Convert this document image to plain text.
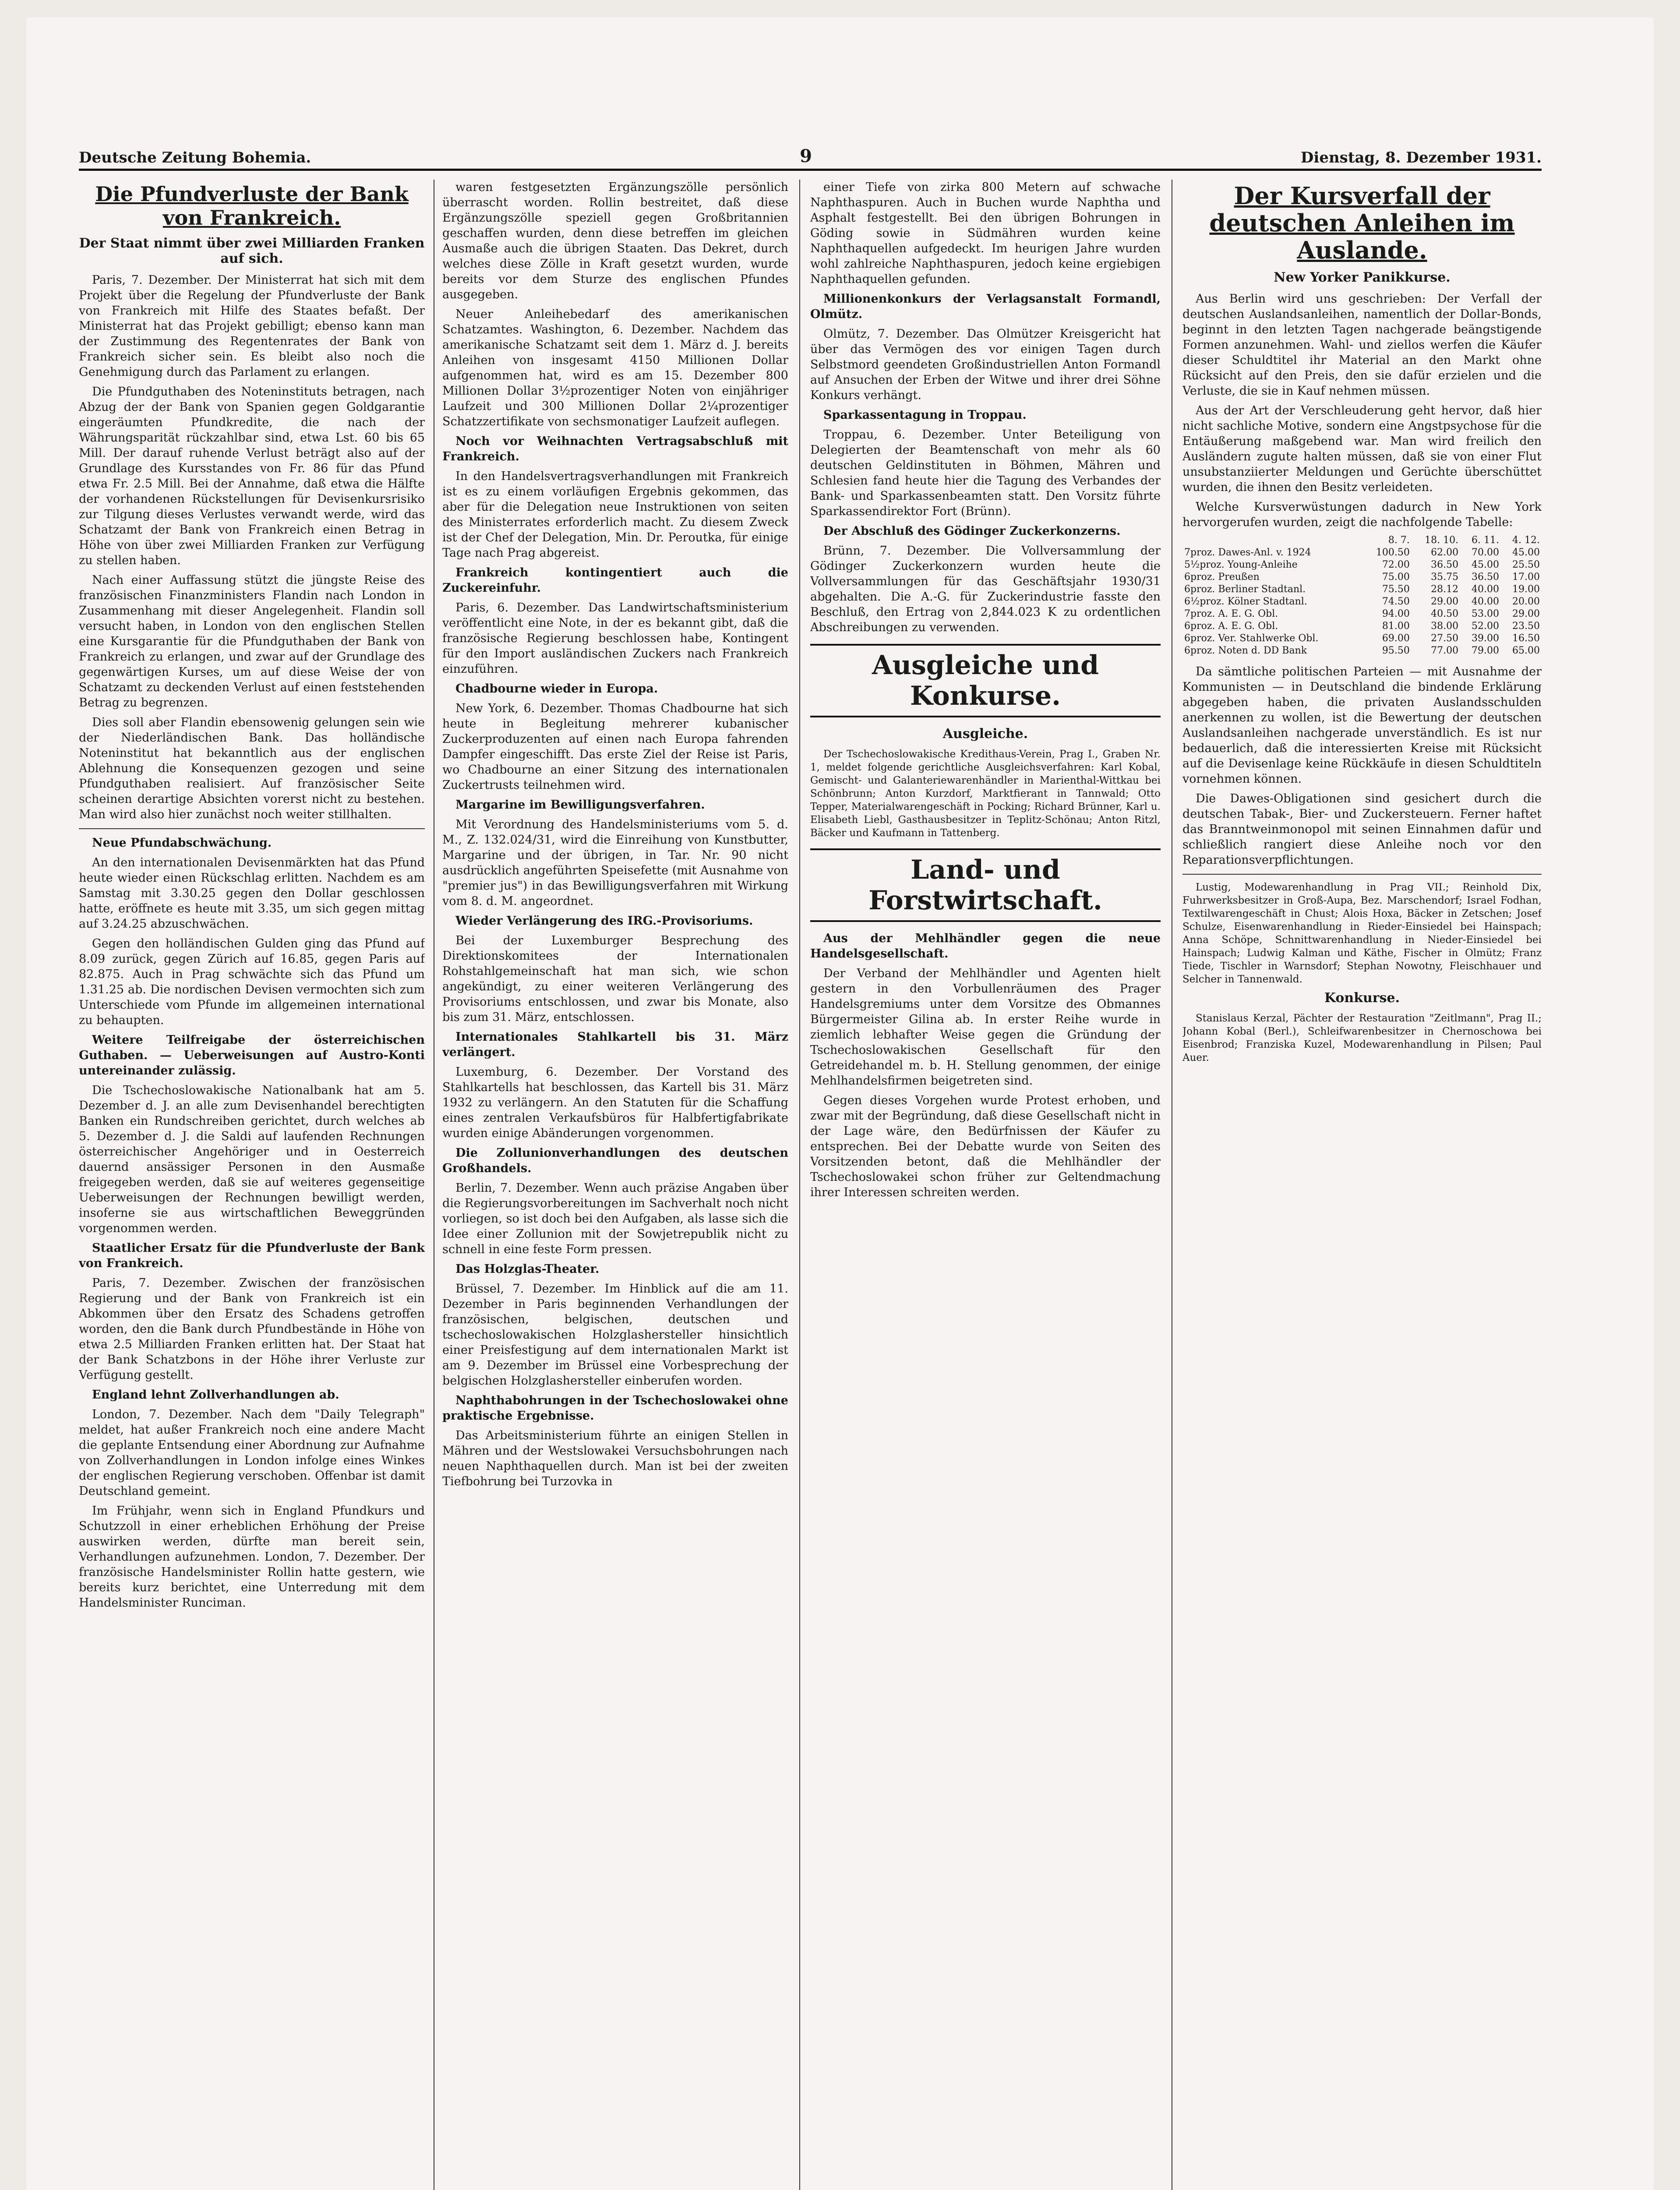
Deutsche Zeitung Bohemia.	9	Dienstag, 8. Dezember 1931.
Die Pfundverluste der Bank von Frankreich.
Der Staat nimmt über zwei Milliarden Franken auf sich.

Paris, 7. Dezember. Der Ministerrat hat sich mit dem Projekt über die Regelung der Pfundverluste der Bank von Frankreich mit Hilfe des Staates befaßt. Der Ministerrat hat das Projekt gebilligt; ebenso kann man der Zustimmung des Regentenrates der Bank von Frankreich sicher sein. Es bleibt also noch die Genehmigung durch das Parlament zu erlangen.

Die Pfundguthaben des Noteninstituts betragen, nach Abzug der der Bank von Spanien gegen Goldgarantie eingeräumten Pfundkredite, die nach der Währungsparität rückzahlbar sind, etwa Lst. 60 bis 65 Mill. Der darauf ruhende Verlust beträgt also auf der Grundlage des Kursstandes von Fr. 86 für das Pfund etwa Fr. 2.5 Mill. Bei der Annahme, daß etwa die Hälfte der vorhandenen Rückstellungen für Devisenkursrisiko zur Tilgung dieses Verlustes verwandt werde, wird das Schatzamt der Bank von Frankreich einen Betrag in Höhe von über zwei Milliarden Franken zur Verfügung zu stellen haben.

Nach einer Auffassung stützt die jüngste Reise des französischen Finanzministers Flandin nach London in Zusammenhang mit dieser Angelegenheit. Flandin soll versucht haben, in London von den englischen Stellen eine Kursgarantie für die Pfundguthaben der Bank von Frankreich zu erlangen, und zwar auf der Grundlage des gegenwärtigen Kurses, um auf diese Weise der von Schatzamt zu deckenden Verlust auf einen feststehenden Betrag zu begrenzen.

Dies soll aber Flandin ebensowenig gelungen sein wie der Niederländischen Bank. Das holländische Noteninstitut hat bekanntlich aus der englischen Ablehnung die Konsequenzen gezogen und seine Pfundguthaben realisiert. Auf französischer Seite scheinen derartige Absichten vorerst nicht zu bestehen. Man wird also hier zunächst noch weiter stillhalten.

Neue Pfundabschwächung.

An den internationalen Devisenmärkten hat das Pfund heute wieder einen Rückschlag erlitten. Nachdem es am Samstag mit 3.30.25 gegen den Dollar geschlossen hatte, eröffnete es heute mit 3.35, um sich gegen mittag auf 3.24.25 abzuschwächen.

Gegen den holländischen Gulden ging das Pfund auf 8.09 zurück, gegen Zürich auf 16.85, gegen Paris auf 82.875. Auch in Prag schwächte sich das Pfund um 1.31.25 ab. Die nordischen Devisen vermochten sich zum Unterschiede vom Pfunde im allgemeinen international zu behaupten.

Weitere Teilfreigabe der österreichischen Guthaben. — Ueberweisungen auf Austro-Konti untereinander zulässig.

Die Tschechoslowakische Nationalbank hat am 5. Dezember d. J. an alle zum Devisenhandel berechtigten Banken ein Rundschreiben gerichtet, durch welches ab 5. Dezember d. J. die Saldi auf laufenden Rechnungen österreichischer Angehöriger und in Oesterreich dauernd ansässiger Personen in den Ausmaße freigegeben werden, daß sie auf weiteres gegenseitige Ueberweisungen der Rechnungen bewilligt werden, insoferne sie aus wirtschaftlichen Beweggründen vorgenommen werden.

Staatlicher Ersatz für die Pfundverluste der Bank von Frankreich.

Paris, 7. Dezember. Zwischen der französischen Regierung und der Bank von Frankreich ist ein Abkommen über den Ersatz des Schadens getroffen worden, den die Bank durch Pfundbestände in Höhe von etwa 2.5 Milliarden Franken erlitten hat. Der Staat hat der Bank Schatzbons in der Höhe ihrer Verluste zur Verfügung gestellt.

England lehnt Zollverhandlungen ab.

London, 7. Dezember. Nach dem "Daily Telegraph" meldet, hat außer Frankreich noch eine andere Macht die geplante Entsendung einer Abordnung zur Aufnahme von Zollverhandlungen in London infolge eines Winkes der englischen Regierung verschoben. Offenbar ist damit Deutschland gemeint.

Im Frühjahr, wenn sich in England Pfundkurs und Schutzzoll in einer erheblichen Erhöhung der Preise auswirken werden, dürfte man bereit sein, Verhandlungen aufzunehmen. London, 7. Dezember. Der französische Handelsminister Rollin hatte gestern, wie bereits kurz berichtet, eine Unterredung mit dem Handelsminister Runciman.

waren festgesetzten Ergänzungszölle persönlich überrascht worden. Rollin bestreitet, daß diese Ergänzungszölle speziell gegen Großbritannien geschaffen wurden, denn diese betreffen im gleichen Ausmaße auch die übrigen Staaten. Das Dekret, durch welches diese Zölle in Kraft gesetzt wurden, wurde bereits vor dem Sturze des englischen Pfundes ausgegeben.

Neuer Anleihebedarf des amerikanischen Schatzamtes. Washington, 6. Dezember. Nachdem das amerikanische Schatzamt seit dem 1. März d. J. bereits Anleihen von insgesamt 4150 Millionen Dollar aufgenommen hat, wird es am 15. Dezember 800 Millionen Dollar 3½prozentiger Noten von einjähriger Laufzeit und 300 Millionen Dollar 2¼prozentiger Schatzzertifikate von sechsmonatiger Laufzeit auflegen.

Noch vor Weihnachten Vertragsabschluß mit Frankreich.

In den Handelsvertragsverhandlungen mit Frankreich ist es zu einem vorläufigen Ergebnis gekommen, das aber für die Delegation neue Instruktionen von seiten des Ministerrates erforderlich macht. Zu diesem Zweck ist der Chef der Delegation, Min. Dr. Peroutka, für einige Tage nach Prag abgereist.

Frankreich kontingentiert auch die Zuckereinfuhr.

Paris, 6. Dezember. Das Landwirtschaftsministerium veröffentlicht eine Note, in der es bekannt gibt, daß die französische Regierung beschlossen habe, Kontingent für den Import ausländischen Zuckers nach Frankreich einzuführen.

Chadbourne wieder in Europa.

New York, 6. Dezember. Thomas Chadbourne hat sich heute in Begleitung mehrerer kubanischer Zuckerproduzenten auf einen nach Europa fahrenden Dampfer eingeschifft. Das erste Ziel der Reise ist Paris, wo Chadbourne an einer Sitzung des internationalen Zuckertrusts teilnehmen wird.

Margarine im Bewilligungsverfahren.

Mit Verordnung des Handelsministeriums vom 5. d. M., Z. 132.024/31, wird die Einreihung von Kunstbutter, Margarine und der übrigen, in Tar. Nr. 90 nicht ausdrücklich angeführten Speisefette (mit Ausnahme von "premier jus") in das Bewilligungsverfahren mit Wirkung vom 8. d. M. angeordnet.

Wieder Verlängerung des IRG.-Provisoriums.

Bei der Luxemburger Besprechung des Direktionskomitees der Internationalen Rohstahlgemeinschaft hat man sich, wie schon angekündigt, zu einer weiteren Verlängerung des Provisoriums entschlossen, und zwar bis Monate, also bis zum 31. März, entschlossen.

Internationales Stahlkartell bis 31. März verlängert.

Luxemburg, 6. Dezember. Der Vorstand des Stahlkartells hat beschlossen, das Kartell bis 31. März 1932 zu verlängern. An den Statuten für die Schaffung eines zentralen Verkaufsbüros für Halbfertigfabrikate wurden einige Abänderungen vorgenommen.

Die Zollunionverhandlungen des deutschen Großhandels.

Berlin, 7. Dezember. Wenn auch präzise Angaben über die Regierungsvorbereitungen im Sachverhalt noch nicht vorliegen, so ist doch bei den Aufgaben, als lasse sich die Idee einer Zollunion mit der Sowjetrepublik nicht zu schnell in eine feste Form pressen.

Das Holzglas-Theater.

Brüssel, 7. Dezember. Im Hinblick auf die am 11. Dezember in Paris beginnenden Verhandlungen der französischen, belgischen, deutschen und tschechoslowakischen Holzglashersteller hinsichtlich einer Preisfestigung auf dem internationalen Markt ist am 9. Dezember im Brüssel eine Vorbesprechung der belgischen Holzglashersteller einberufen worden.

Naphthabohrungen in der Tschechoslowakei ohne praktische Ergebnisse.

Das Arbeitsministerium führte an einigen Stellen in Mähren und der Westslowakei Versuchsbohrungen nach neuen Naphthaquellen durch. Man ist bei der zweiten Tiefbohrung bei Turzovka in

einer Tiefe von zirka 800 Metern auf schwache Naphthaspuren. Auch in Buchen wurde Naphtha und Asphalt festgestellt. Bei den übrigen Bohrungen in Göding sowie in Südmähren wurden keine Naphthaquellen aufgedeckt. Im heurigen Jahre wurden wohl zahlreiche Naphthaspuren, jedoch keine ergiebigen Naphthaquellen gefunden.

Millionenkonkurs der Verlagsanstalt Formandl, Olmütz.

Olmütz, 7. Dezember. Das Olmützer Kreisgericht hat über das Vermögen des vor einigen Tagen durch Selbstmord geendeten Großindustriellen Anton Formandl auf Ansuchen der Erben der Witwe und ihrer drei Söhne Konkurs verhängt.

Sparkassentagung in Troppau.

Troppau, 6. Dezember. Unter Beteiligung von Delegierten der Beamtenschaft von mehr als 60 deutschen Geldinstituten in Böhmen, Mähren und Schlesien fand heute hier die Tagung des Verbandes der Bank- und Sparkassenbeamten statt. Den Vorsitz führte Sparkassendirektor Fort (Brünn).

Der Abschluß des Gödinger Zuckerkonzerns.

Brünn, 7. Dezember. Die Vollversammlung der Gödinger Zuckerkonzern wurden heute die Vollversammlungen für das Geschäftsjahr 1930/31 abgehalten. Die A.-G. für Zuckerindustrie fasste den Beschluß, den Ertrag von 2,844.023 K zu ordentlichen Abschreibungen zu verwenden.

Ausgleiche und Konkurse.
Ausgleiche.

Der Tschechoslowakische Kredithaus-Verein, Prag I., Graben Nr. 1, meldet folgende gerichtliche Ausgleichsverfahren: Karl Kobal, Gemischt- und Galanteriewarenhändler in Marienthal-Wittkau bei Schönbrunn; Anton Kurzdorf, Marktfierant in Tannwald; Otto Tepper, Materialwarengeschäft in Pocking; Richard Brünner, Karl u. Elisabeth Liebl, Gasthausbesitzer in Teplitz-Schönau; Anton Ritzl, Bäcker und Kaufmann in Tattenberg.

Land- und Forstwirtschaft.

Aus der Mehlhändler gegen die neue Handelsgesellschaft.

Der Verband der Mehlhändler und Agenten hielt gestern in den Vorbullenräumen des Prager Handelsgremiums unter dem Vorsitze des Obmannes Bürgermeister Gilina ab. In erster Reihe wurde in ziemlich lebhafter Weise gegen die Gründung der Tschechoslowakischen Gesellschaft für den Getreidehandel m. b. H. Stellung genommen, der einige Mehlhandelsfirmen beigetreten sind.

Gegen dieses Vorgehen wurde Protest erhoben, und zwar mit der Begründung, daß diese Gesellschaft nicht in der Lage wäre, den Bedürfnissen der Käufer zu entsprechen. Bei der Debatte wurde von Seiten des Vorsitzenden betont, daß die Mehlhändler der Tschechoslowakei schon früher zur Geltendmachung ihrer Interessen schreiten werden.

Der Kursverfall der deutschen Anleihen im Auslande.
New Yorker Panikkurse.

Aus Berlin wird uns geschrieben: Der Verfall der deutschen Auslandsanleihen, namentlich der Dollar-Bonds, beginnt in den letzten Tagen nachgerade beängstigende Formen anzunehmen. Wahl- und ziellos werfen die Käufer dieser Schuldtitel ihr Material an den Markt ohne Rücksicht auf den Preis, den sie dafür erzielen und die Verluste, die sie in Kauf nehmen müssen.

Aus der Art der Verschleuderung geht hervor, daß hier nicht sachliche Motive, sondern eine Angstpsychose für die Entäußerung maßgebend war. Man wird freilich den Ausländern zugute halten müssen, daß sie von einer Flut unsubstanziierter Meldungen und Gerüchte überschüttet wurden, die ihnen den Besitz verleideten.

Welche Kursverwüstungen dadurch in New York hervorgerufen wurden, zeigt die nachfolgende Tabelle:

	8. 7.	18. 10.	6. 11.	4. 12.
7proz. Dawes-Anl. v. 1924	100.50	62.00	70.00	45.00
5½proz. Young-Anleihe	72.00	36.50	45.00	25.50
6proz. Preußen	75.00	35.75	36.50	17.00
6proz. Berliner Stadtanl.	75.50	28.12	40.00	19.00
6½proz. Kölner Stadtanl.	74.50	29.00	40.00	20.00
7proz. A. E. G. Obl.	94.00	40.50	53.00	29.00
6proz. A. E. G. Obl.	81.00	38.00	52.00	23.50
6proz. Ver. Stahlwerke Obl.	69.00	27.50	39.00	16.50
6proz. Noten d. DD Bank	95.50	77.00	79.00	65.00

Da sämtliche politischen Parteien — mit Ausnahme der Kommunisten — in Deutschland die bindende Erklärung abgegeben haben, die privaten Auslandsschulden anerkennen zu wollen, ist die Bewertung der deutschen Auslandsanleihen nachgerade unverständlich. Es ist nur bedauerlich, daß die interessierten Kreise mit Rücksicht auf die Devisenlage keine Rückkäufe in diesen Schuldtiteln vornehmen können.

Die Dawes-Obligationen sind gesichert durch die deutschen Tabak-, Bier- und Zuckersteuern. Ferner haftet das Branntweinmonopol mit seinen Einnahmen dafür und schließlich rangiert diese Anleihe noch vor den Reparationsverpflichtungen.

Lustig, Modewarenhandlung in Prag VII.; Reinhold Dix, Fuhrwerksbesitzer in Groß-Aupa, Bez. Marschendorf; Israel Fodhan, Textilwarengeschäft in Chust; Alois Hoxa, Bäcker in Zetschen; Josef Schulze, Eisenwarenhandlung in Rieder-Einsiedel bei Hainspach; Anna Schöpe, Schnittwarenhandlung in Nieder-Einsiedel bei Hainspach; Ludwig Kalman und Käthe, Fischer in Olmütz; Franz Tiede, Tischler in Warnsdorf; Stephan Nowotny, Fleischhauer und Selcher in Tannenwald.

Konkurse.

Stanislaus Kerzal, Pächter der Restauration "Zeitlmann", Prag II.; Johann Kobal (Berl.), Schleifwarenbesitzer in Chernoschowa bei Eisenbrod; Franziska Kuzel, Modewarenhandlung in Pilsen; Paul Auer.
